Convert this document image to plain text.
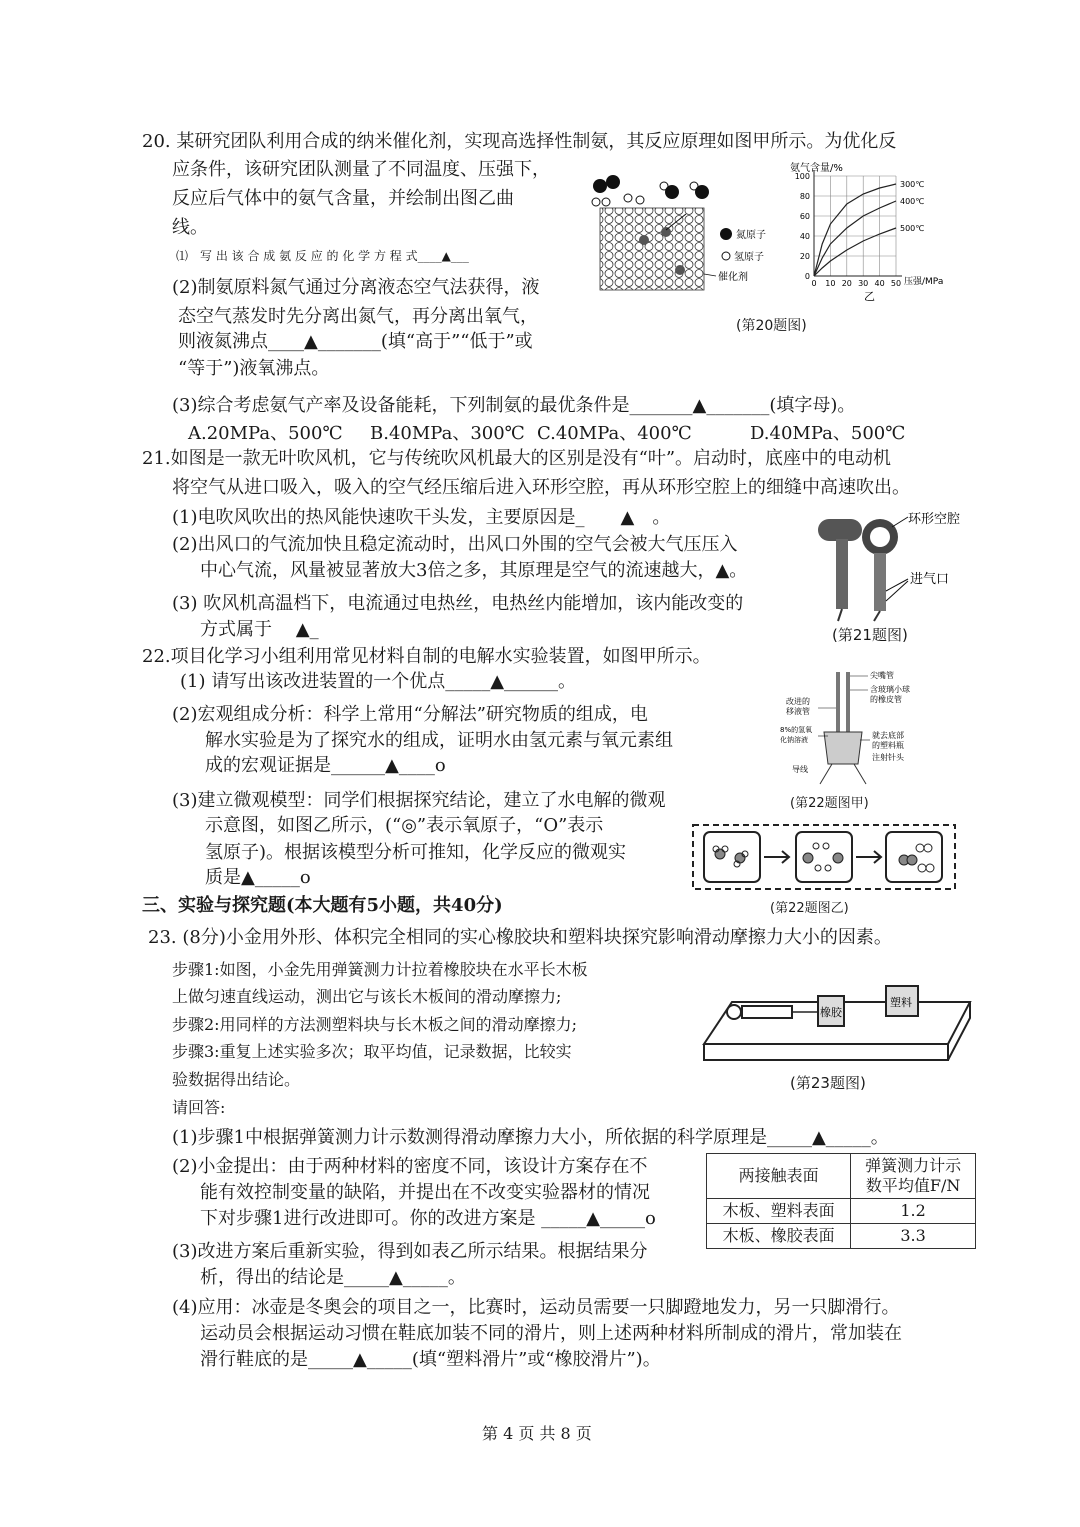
20. 某研究团队利用合成的纳米催化剂，实现高选择性制氨，其反应原理如图甲所示。为优化反
应条件，该研究团队测量了不同温度、压强下，
反应后气体中的氨气含量，并绘制出图乙曲
线。
⑴　写 出 该 合 成 氨 反 应 的 化 学 方 程 式____▲___
(2)制氨原料氮气通过分离液态空气法获得，液
态空气蒸发时先分离出氮气，再分离出氧气，
则液氮沸点____▲_______(填“高于”“低于”或
“等于”)液氧沸点。
(3)综合考虑氨气产率及设备能耗，下列制氨的最优条件是_______▲_______(填字母)。
A.20MPa、500℃ B.40MPa、300℃ C.40MPa、400℃	D.40MPa、500℃
氮原子
氢原子
催化剂
氨气含量/%
压强/MPa
乙
0
20
40
60
80
100
0 10 20 30 40 50
300℃
400℃
500℃
(第20题图)
21.如图是一款无叶吹风机，它与传统吹风机最大的区别是没有“叶”。启动时，底座中的电动机
将空气从进口吸入，吸入的空气经压缩后进入环形空腔，再从环形空腔上的细缝中高速吹出。
(1)电吹风吹出的热风能快速吹干头发，主要原因是_　　▲　。
(2)出风口的气流加快且稳定流动时，出风口外围的空气会被大气压压入
中心气流，风量被显著放大3倍之多，其原理是空气的流速越大，▲。
(3) 吹风机高温档下，电流通过电热丝，电热丝内能增加，该内能改变的
方式属于　 ▲_
环形空腔
进气口
(第21题图)
22.项目化学习小组利用常见材料自制的电解水实验装置，如图甲所示。
(1) 请写出该改进装置的一个优点_____▲______。
(2)宏观组成分析：科学上常用“分解法”研究物质的组成，电
解水实验是为了探究水的组成，证明水由氢元素与氧元素组
成的宏观证据是______▲____o
(3)建立微观模型：同学们根据探究结论，建立了水电解的微观
示意图，如图乙所示，(“◎”表示氧原子，“O”表示
氢原子)。根据该模型分析可推知，化学反应的微观实
质是▲_____o
尖嘴管
含玻璃小球
的橡皮管
改进的
移液管
8%的氢氧
化钠溶液	就去底部
的塑料瓶
注射针头
导线
(第22题图甲)
(第22题图乙)
三、实验与探究题(本大题有5小题，共40分)
23. (8分)小金用外形、体积完全相同的实心橡胶块和塑料块探究影响滑动摩擦力大小的因素。
步骤1:如图，小金先用弹簧测力计拉着橡胶块在水平长木板
上做匀速直线运动，测出它与该长木板间的滑动摩擦力;
步骤2:用同样的方法测塑料块与长木板之间的滑动摩擦力;
步骤3:重复上述实验多次；取平均值，记录数据，比较实
验数据得出结论。
请回答:
(1)步骤1中根据弹簧测力计示数测得滑动摩擦力大小，所依据的科学原理是_____▲_____。
(2)小金提出：由于两种材料的密度不同，该设计方案存在不
能有效控制变量的缺陷，并提出在不改变实验器材的情况
下对步骤1进行改进即可。你的改进方案是 _____▲_____o
(3)改进方案后重新实验，得到如表乙所示结果。根据结果分
析，得出的结论是_____▲_____。
(4)应用：冰壶是冬奥会的项目之一，比赛时，运动员需要一只脚蹬地发力，另一只脚滑行。
运动员会根据运动习惯在鞋底加装不同的滑片，则上述两种材料所制成的滑片，常加装在
滑行鞋底的是_____▲_____(填“塑料滑片”或“橡胶滑片”)。
橡胶
塑料
(第23题图)
两接触表面	弹簧测力计示
数平均值F/N
木板、塑料表面	1.2
木板、橡胶表面	3.3
第 4 页 共 8 页
